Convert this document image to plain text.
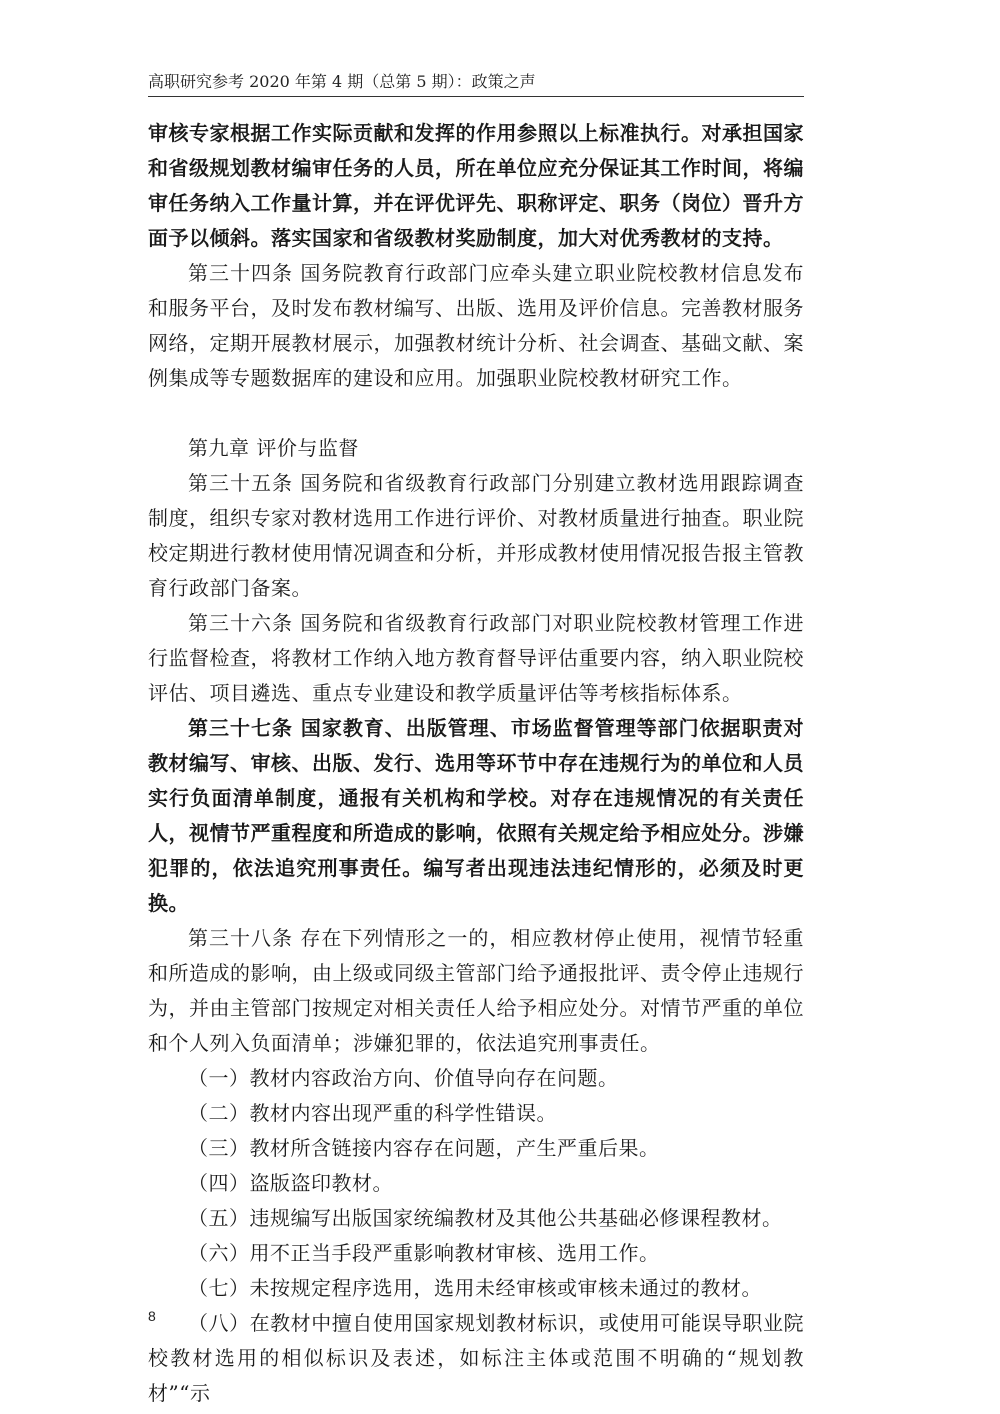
高职研究参考 2020 年第 4 期（总第 5 期）：政策之声

审核专家根据工作实际贡献和发挥的作用参照以上标准执行。对承担国家和省级规划教材编审任务的人员，所在单位应充分保证其工作时间，将编审任务纳入工作量计算，并在评优评先、职称评定、职务（岗位）晋升方面予以倾斜。落实国家和省级教材奖励制度，加大对优秀教材的支持。

第三十四条 国务院教育行政部门应牵头建立职业院校教材信息发布和服务平台，及时发布教材编写、出版、选用及评价信息。完善教材服务网络，定期开展教材展示，加强教材统计分析、社会调查、基础文献、案例集成等专题数据库的建设和应用。加强职业院校教材研究工作。

第九章 评价与监督

第三十五条 国务院和省级教育行政部门分别建立教材选用跟踪调查制度，组织专家对教材选用工作进行评价、对教材质量进行抽查。职业院校定期进行教材使用情况调查和分析，并形成教材使用情况报告报主管教育行政部门备案。

第三十六条 国务院和省级教育行政部门对职业院校教材管理工作进行监督检查，将教材工作纳入地方教育督导评估重要内容，纳入职业院校评估、项目遴选、重点专业建设和教学质量评估等考核指标体系。

第三十七条 国家教育、出版管理、市场监督管理等部门依据职责对教材编写、审核、出版、发行、选用等环节中存在违规行为的单位和人员实行负面清单制度，通报有关机构和学校。对存在违规情况的有关责任人，视情节严重程度和所造成的影响，依照有关规定给予相应处分。涉嫌犯罪的，依法追究刑事责任。编写者出现违法违纪情形的，必须及时更换。

第三十八条 存在下列情形之一的，相应教材停止使用，视情节轻重和所造成的影响，由上级或同级主管部门给予通报批评、责令停止违规行为，并由主管部门按规定对相关责任人给予相应处分。对情节严重的单位和个人列入负面清单；涉嫌犯罪的，依法追究刑事责任。

（一）教材内容政治方向、价值导向存在问题。

（二）教材内容出现严重的科学性错误。

（三）教材所含链接内容存在问题，产生严重后果。

（四）盗版盗印教材。

（五）违规编写出版国家统编教材及其他公共基础必修课程教材。

（六）用不正当手段严重影响教材审核、选用工作。

（七）未按规定程序选用，选用未经审核或审核未通过的教材。

（八）在教材中擅自使用国家规划教材标识，或使用可能误导职业院校教材选用的相似标识及表述，如标注主体或范围不明确的“规划教材”“示

8
